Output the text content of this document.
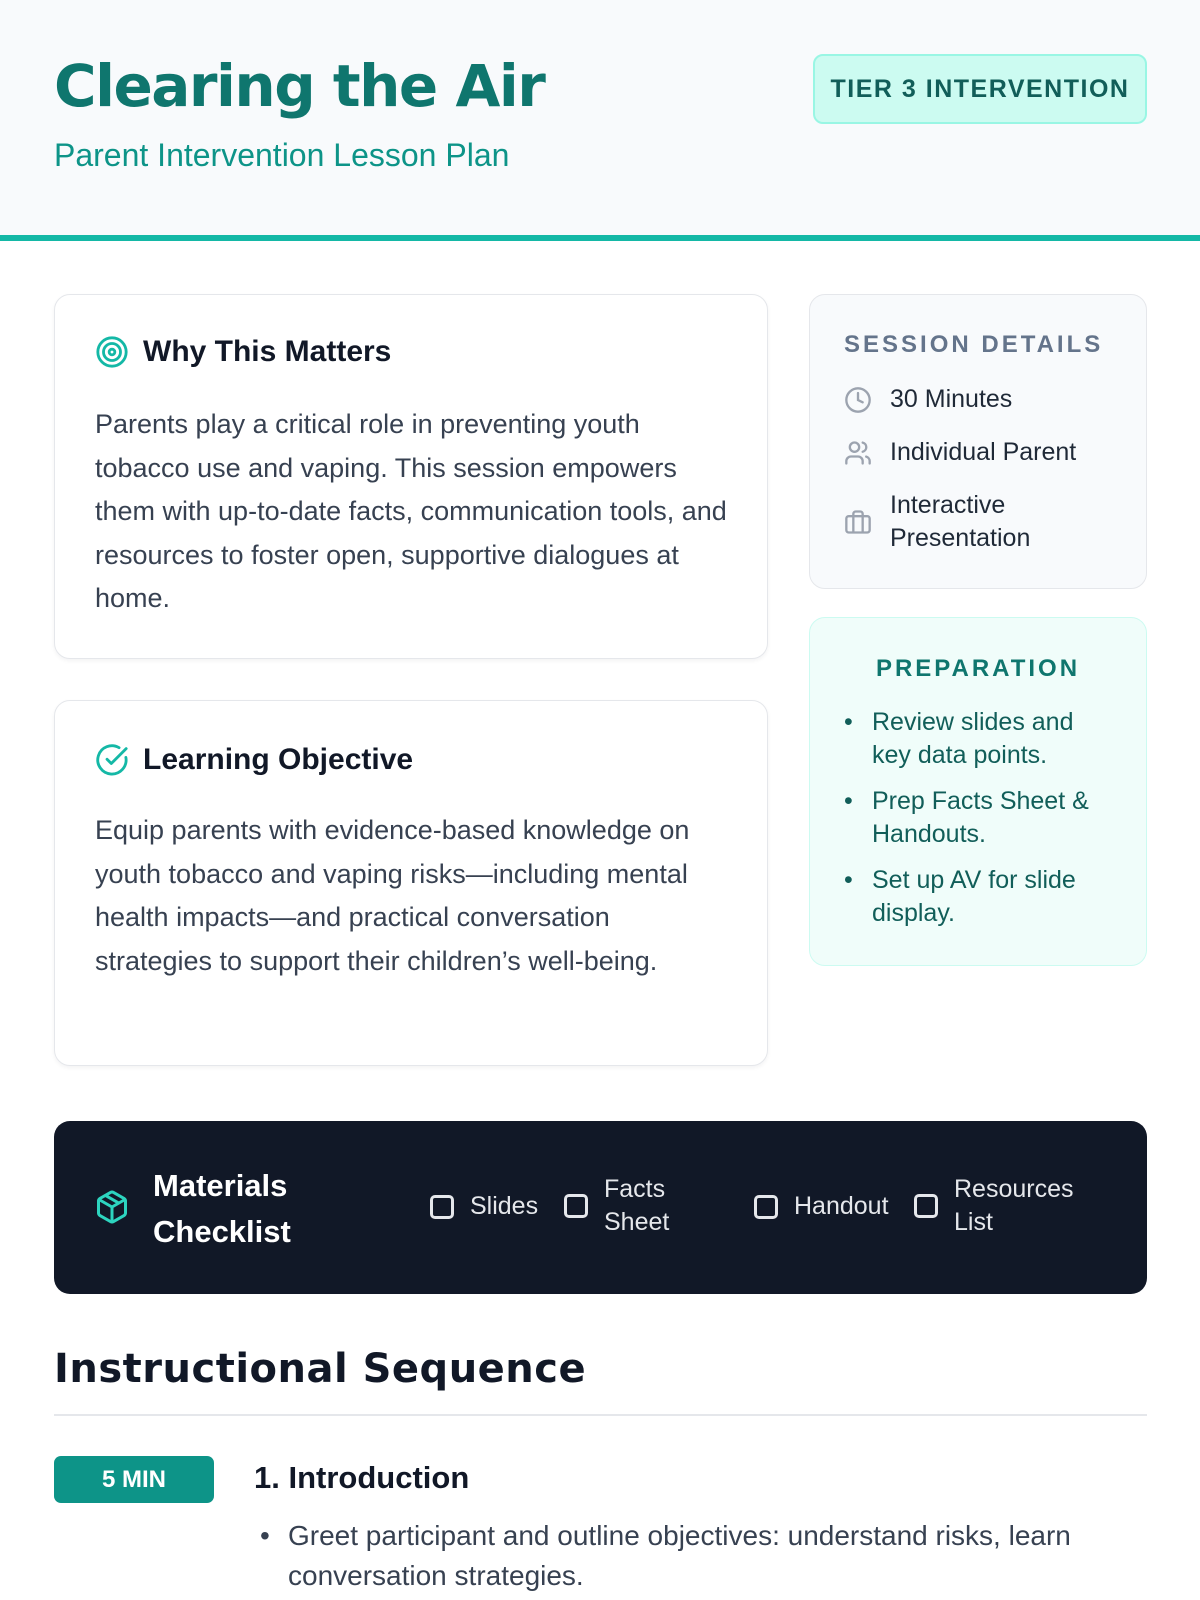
Clearing the Air
Parent Intervention Lesson Plan
TIER 3 INTERVENTION
Why This Matters

Parents play a critical role in preventing youth tobacco use and vaping. This session empowers them with up-to-date facts, communication tools, and resources to foster open, supportive dialogues at home.

Learning Objective

Equip parents with evidence-based knowledge on youth tobacco and vaping risks—including mental health impacts—and practical conversation strategies to support their children’s well-being.

SESSION DETAILS
30 Minutes
Individual Parent
Interactive Presentation
PREPARATION
• Review slides and key data points.
• Prep Facts Sheet & Handouts.
• Set up AV for slide display.
Materials Checklist
Slides
Facts Sheet
Handout
Resources List
Instructional Sequence
5 MIN	1. Introduction
• Greet participant and outline objectives: understand risks, learn conversation strategies.
